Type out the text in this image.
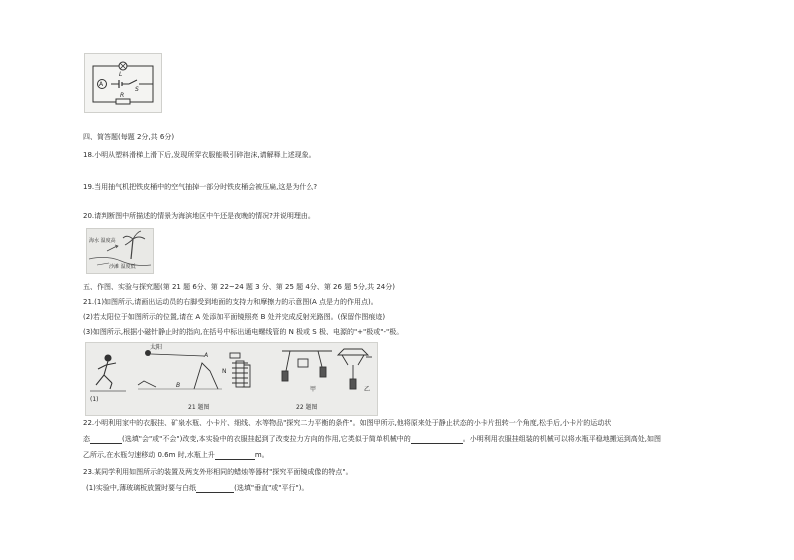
L
A
S
R
四、简答题(每题 2分,共 6分)
18.小明从塑料滑梯上滑下后,发现所穿衣服能吸引碎泡沫,请解释上述现象。
19.当用抽气机把铁皮桶中的空气抽掉一部分时铁皮桶会被压扁,这是为什么?
20.请判断图中所描述的情景为海滨地区中午还是夜晚的情况?并说明理由。
海水 温度高
沙滩 温度低
五、作图、实验与探究题(第 21 题 6分、第 22~24 题 3 分、第 25 题 4分、第 26 题 5分,共 24分)
21.(1)如图所示,请画出运动员的右脚受到地面的支持力和摩擦力的示意图(A 点是力的作用点)。
(2)若太阳位于如图所示的位置,请在 A 处添加平面镜照亮 B 处并完成反射光路图。(保留作图痕迹)
(3)如图所示,根据小磁针静止时的指向,在括号中标出通电螺线管的 N 极或 S 极、电源的"+"极或"-"极。
(1)
太阳
A
B
N
21 题图	22 题图
甲	乙
22.小明利用家中的衣服挂、矿泉水瓶、小卡片、细线、水等物品"探究二力平衡的条件"。如图甲所示,他将原来处于静止状态的小卡片扭转一个角度,松手后,小卡片的运动状
态	(选填"会"或"不会")改变,本实验中的衣服挂起到了改变拉力方向的作用,它类似于简单机械中的	。小明利用衣服挂组装的机械可以将水瓶平稳地搬运到高处,如图
乙所示,在水瓶匀速移动 0.6m 时,水瓶上升	m。
23.某同学利用如图所示的装置及两支外形相同的蜡烛等器材"探究平面镜成像的特点"。
(1)实验中,薄玻璃板放置时要与白纸	(选填"垂直"或"平行")。
